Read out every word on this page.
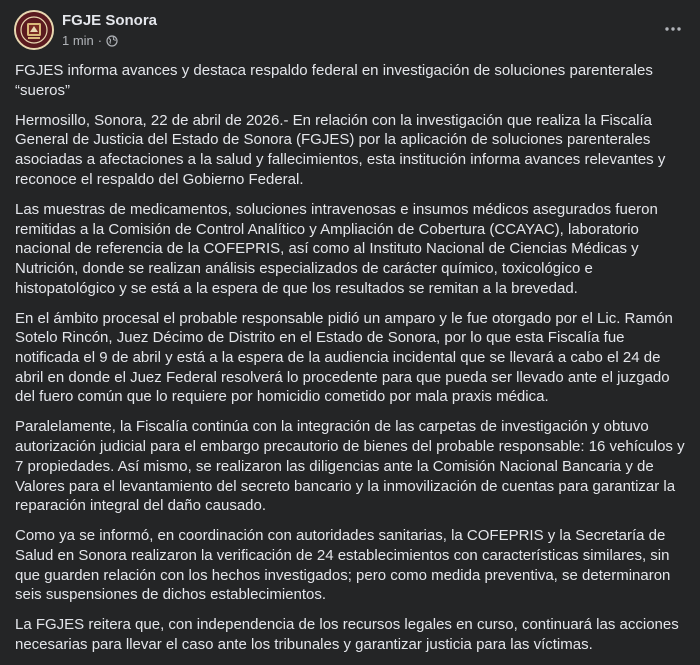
FGJE Sonora
1 min ·

FGJES informa avances y destaca respaldo federal en investigación de soluciones parenterales “sueros”

Hermosillo, Sonora, 22 de abril de 2026.- En relación con la investigación que realiza la Fiscalía General de Justicia del Estado de Sonora (FGJES) por la aplicación de soluciones parenterales asociadas a afectaciones a la salud y fallecimientos, esta institución informa avances relevantes y reconoce el respaldo del Gobierno Federal.

Las muestras de medicamentos, soluciones intravenosas e insumos médicos asegurados fueron remitidas a la Comisión de Control Analítico y Ampliación de Cobertura (CCAYAC), laboratorio nacional de referencia de la COFEPRIS, así como al Instituto Nacional de Ciencias Médicas y Nutrición, donde se realizan análisis especializados de carácter químico, toxicológico e histopatológico y se está a la espera de que los resultados se remitan a la brevedad.

En el ámbito procesal el probable responsable pidió un amparo y le fue otorgado por el Lic. Ramón Sotelo Rincón, Juez Décimo de Distrito en el Estado de Sonora, por lo que esta Fiscalía fue notificada el 9 de abril y está a la espera de la audiencia incidental que se llevará a cabo el 24 de abril en donde el Juez Federal resolverá lo procedente para que pueda ser llevado ante el juzgado del fuero común que lo requiere por homicidio cometido por mala praxis médica.

Paralelamente, la Fiscalía continúa con la integración de las carpetas de investigación y obtuvo autorización judicial para el embargo precautorio de bienes del probable responsable: 16 vehículos y 7 propiedades. Así mismo, se realizaron las diligencias ante la Comisión Nacional Bancaria y de Valores para el levantamiento del secreto bancario y la inmovilización de cuentas para garantizar la reparación integral del daño causado.

Como ya se informó, en coordinación con autoridades sanitarias, la COFEPRIS y la Secretaría de Salud en Sonora realizaron la verificación de 24 establecimientos con características similares, sin que guarden relación con los hechos investigados; pero como medida preventiva, se determinaron seis suspensiones de dichos establecimientos.

La FGJES reitera que, con independencia de los recursos legales en curso, continuará las acciones necesarias para llevar el caso ante los tribunales y garantizar justicia para las víctimas.
